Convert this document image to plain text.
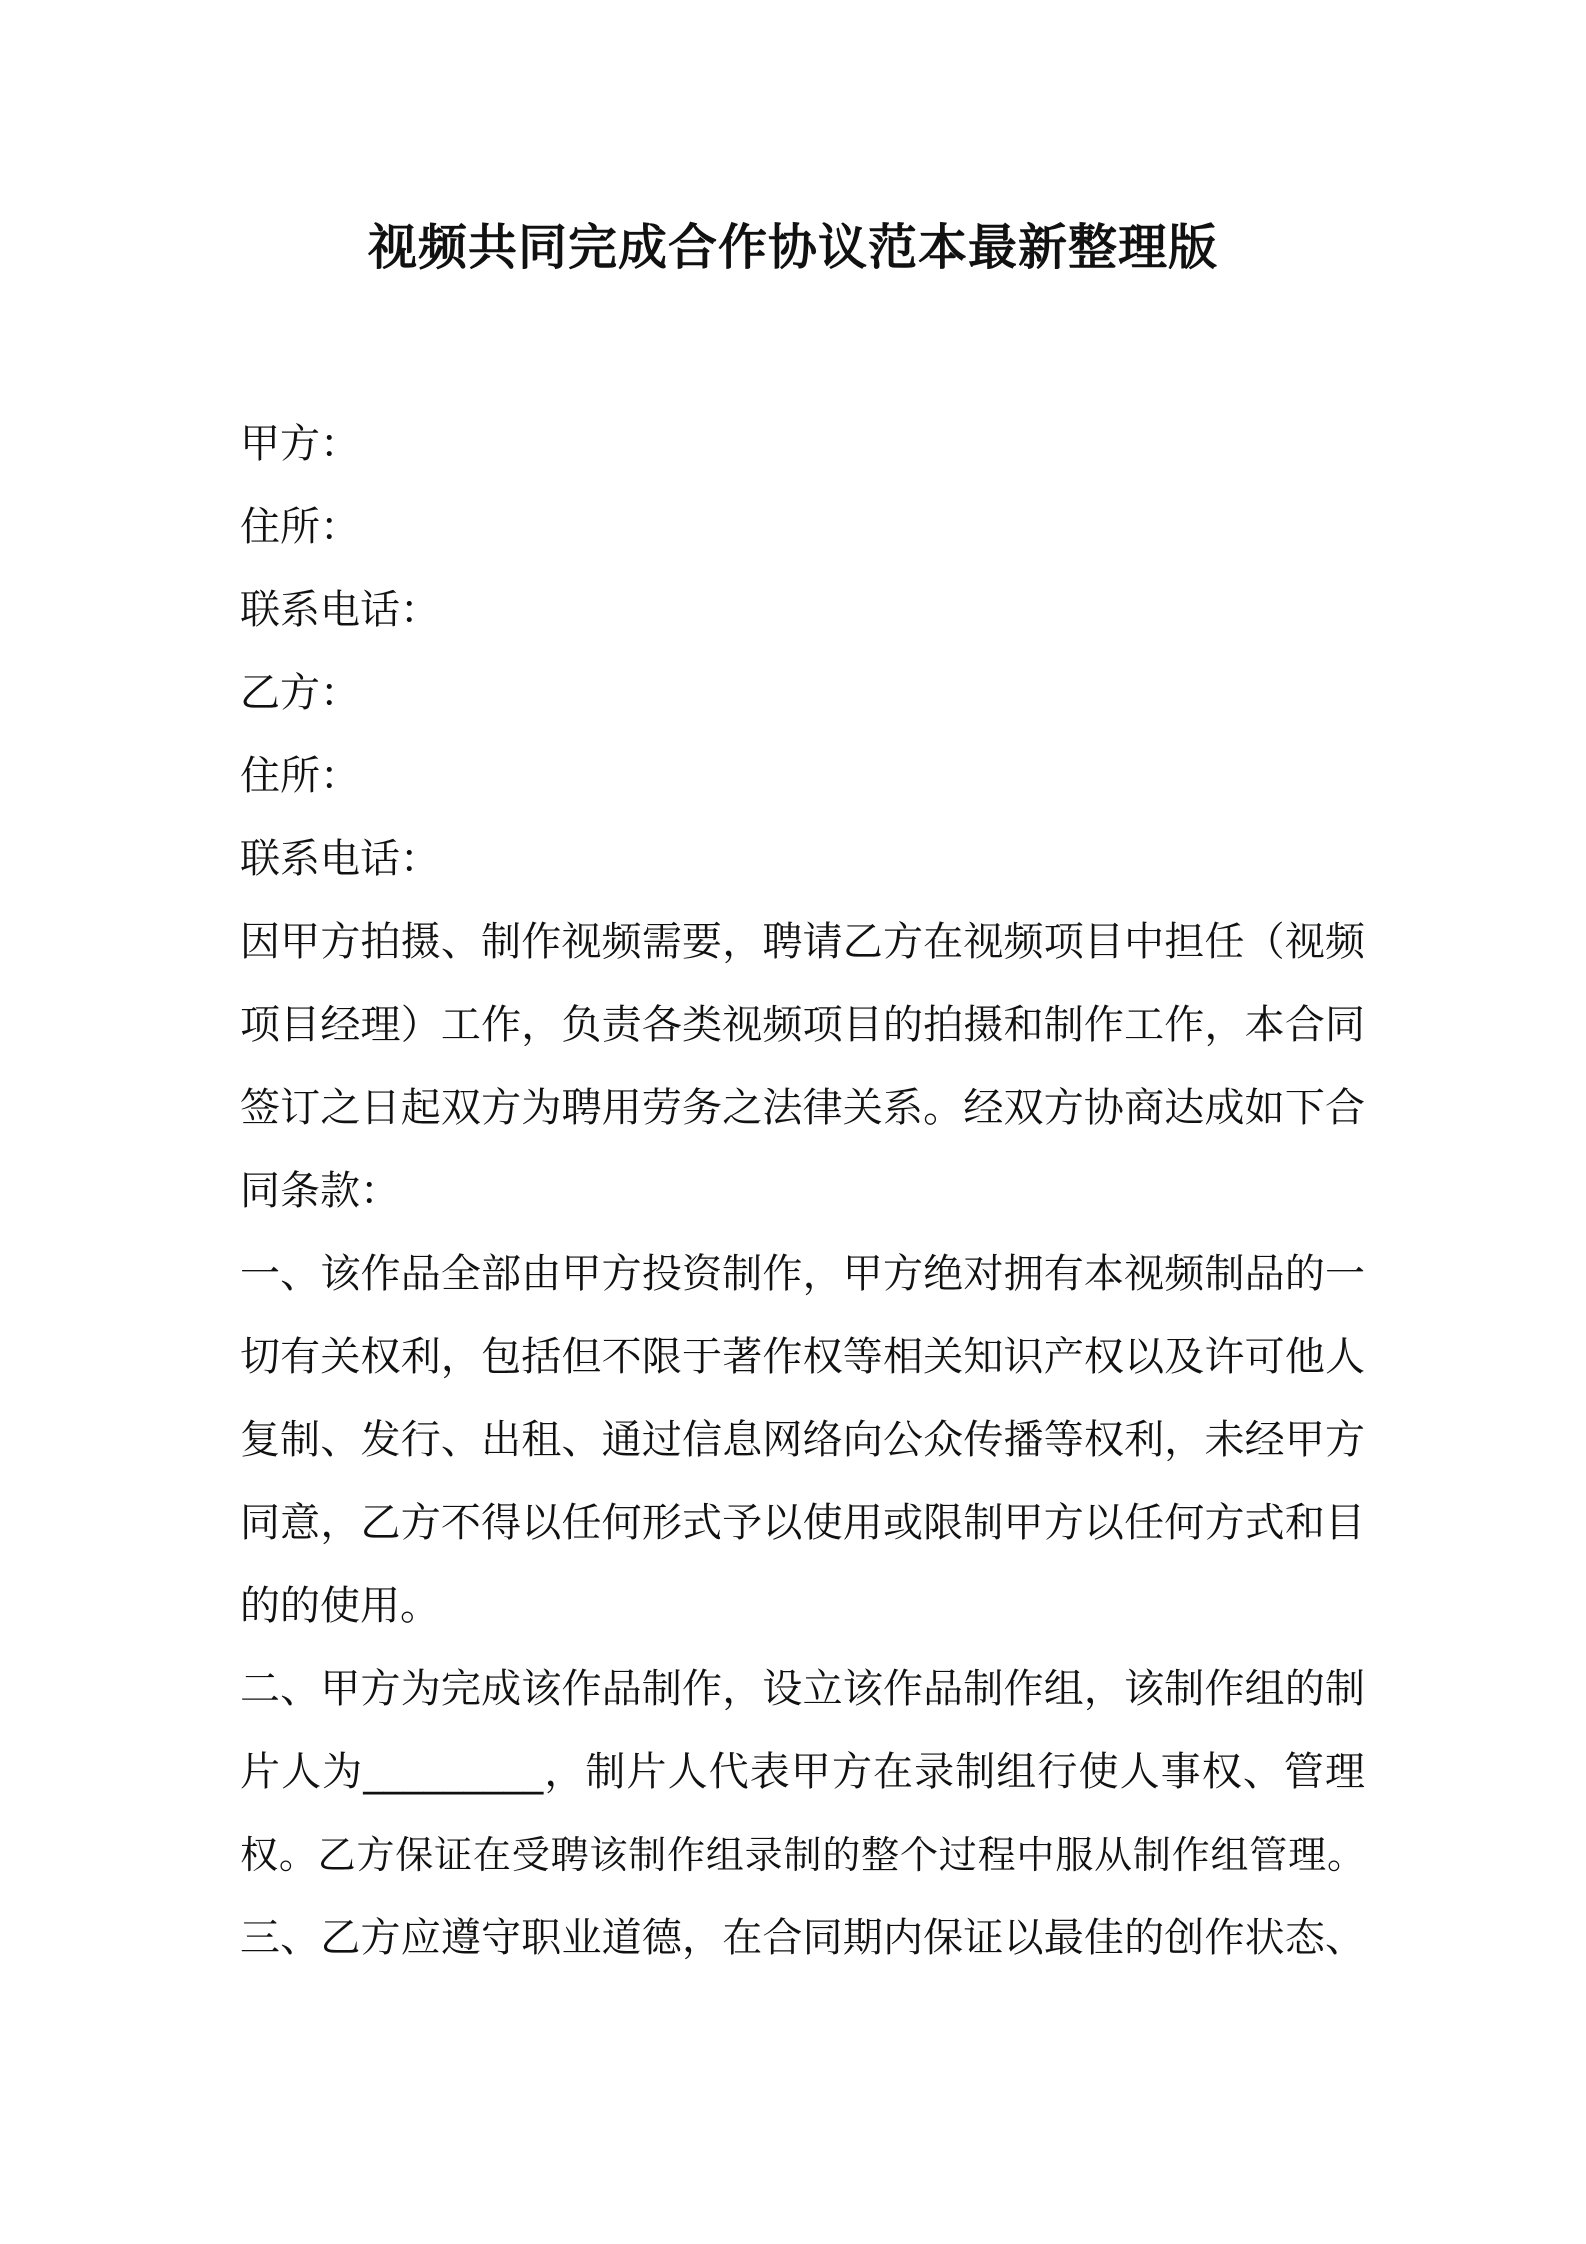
视频共同完成合作协议范本最新整理版

甲方：

住所：

联系电话：

乙方：

住所：

联系电话：

因甲方拍摄、制作视频需要，聘请乙方在视频项目中担任（视频

项目经理）工作，负责各类视频项目的拍摄和制作工作，本合同

签订之日起双方为聘用劳务之法律关系。经双方协商达成如下合

同条款：

一、该作品全部由甲方投资制作，甲方绝对拥有本视频制品的一

切有关权利，包括但不限于著作权等相关知识产权以及许可他人

复制、发行、出租、通过信息网络向公众传播等权利，未经甲方

同意，乙方不得以任何形式予以使用或限制甲方以任何方式和目

的的使用。

二、甲方为完成该作品制作，设立该作品制作组，该制作组的制

片人为_________，制片人代表甲方在录制组行使人事权、管理

权。乙方保证在受聘该制作组录制的整个过程中服从制作组管理。

三、乙方应遵守职业道德，在合同期内保证以最佳的创作状态、
